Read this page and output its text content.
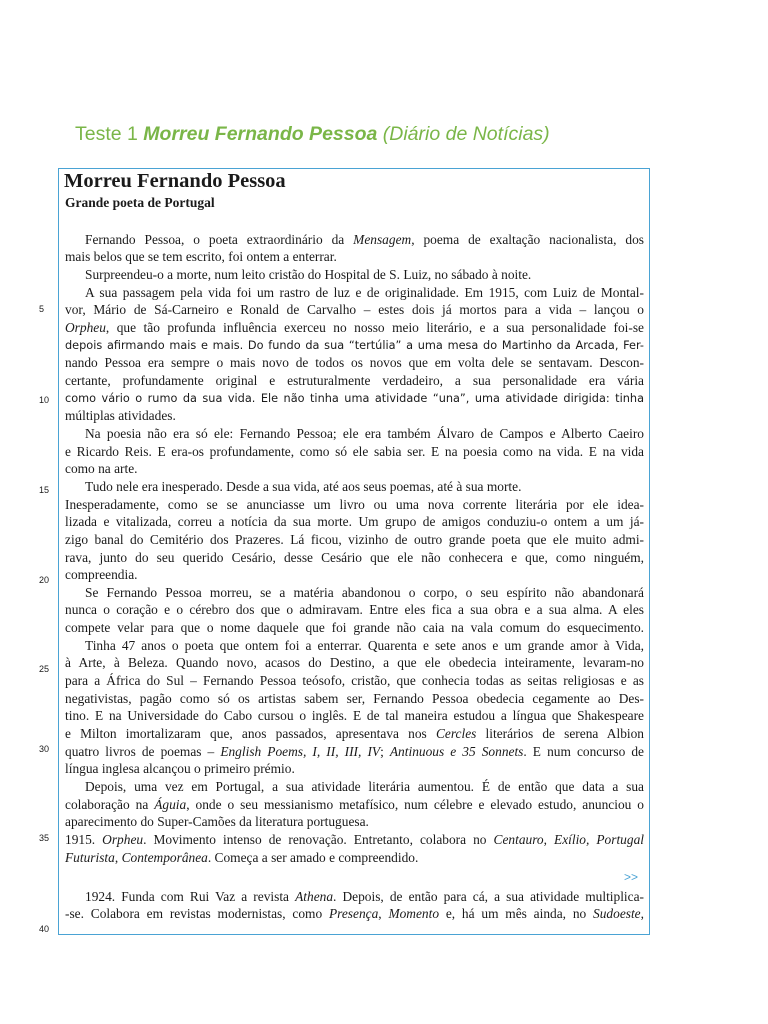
Teste 1 Morreu Fernando Pessoa (Diário de Notícias)
Morreu Fernando Pessoa
Grande poeta de Portugal
5
10
15
20
25
30
35
40
Fernando Pessoa, o poeta extraordinário da Mensagem, poema de exaltação nacionalista, dos
mais belos que se tem escrito, foi ontem a enterrar.
Surpreendeu-o a morte, num leito cristão do Hospital de S. Luiz, no sábado à noite.
A sua passagem pela vida foi um rastro de luz e de originalidade. Em 1915, com Luiz de Montal-
vor, Mário de Sá-Carneiro e Ronald de Carvalho – estes dois já mortos para a vida – lançou o
Orpheu, que tão profunda influência exerceu no nosso meio literário, e a sua personalidade foi-se
depois afirmando mais e mais. Do fundo da sua “tertúlia” a uma mesa do Martinho da Arcada, Fer-
nando Pessoa era sempre o mais novo de todos os novos que em volta dele se sentavam. Descon-
certante, profundamente original e estruturalmente verdadeiro, a sua personalidade era vária
como vário o rumo da sua vida. Ele não tinha uma atividade “una”, uma atividade dirigida: tinha
múltiplas atividades.
Na poesia não era só ele: Fernando Pessoa; ele era também Álvaro de Campos e Alberto Caeiro
e Ricardo Reis. E era-os profundamente, como só ele sabia ser. E na poesia como na vida. E na vida
como na arte.
Tudo nele era inesperado. Desde a sua vida, até aos seus poemas, até à sua morte.
Inesperadamente, como se se anunciasse um livro ou uma nova corrente literária por ele idea-
lizada e vitalizada, correu a notícia da sua morte. Um grupo de amigos conduziu-o ontem a um já-
zigo banal do Cemitério dos Prazeres. Lá ficou, vizinho de outro grande poeta que ele muito admi-
rava, junto do seu querido Cesário, desse Cesário que ele não conhecera e que, como ninguém,
compreendia.
Se Fernando Pessoa morreu, se a matéria abandonou o corpo, o seu espírito não abandonará
nunca o coração e o cérebro dos que o admiravam. Entre eles fica a sua obra e a sua alma. A eles
compete velar para que o nome daquele que foi grande não caia na vala comum do esquecimento.
Tinha 47 anos o poeta que ontem foi a enterrar. Quarenta e sete anos e um grande amor à Vida,
à Arte, à Beleza. Quando novo, acasos do Destino, a que ele obedecia inteiramente, levaram-no
para a África do Sul – Fernando Pessoa teósofo, cristão, que conhecia todas as seitas religiosas e as
negativistas, pagão como só os artistas sabem ser, Fernando Pessoa obedecia cegamente ao Des-
tino. E na Universidade do Cabo cursou o inglês. E de tal maneira estudou a língua que Shakespeare
e Milton imortalizaram que, anos passados, apresentava nos Cercles literários de serena Albion
quatro livros de poemas – English Poems, I, II, III, IV; Antinuous e 35 Sonnets. E num concurso de
língua inglesa alcançou o primeiro prémio.
Depois, uma vez em Portugal, a sua atividade literária aumentou. É de então que data a sua
colaboração na Águia, onde o seu messianismo metafísico, num célebre e elevado estudo, anunciou o
aparecimento do Super-Camões da literatura portuguesa.
1915. Orpheu. Movimento intenso de renovação. Entretanto, colabora no Centauro, Exílio, Portugal
Futurista, Contemporânea. Começa a ser amado e compreendido.
>>
1924. Funda com Rui Vaz a revista Athena. Depois, de então para cá, a sua atividade multiplica-
-se. Colabora em revistas modernistas, como Presença, Momento e, há um mês ainda, no Sudoeste,
